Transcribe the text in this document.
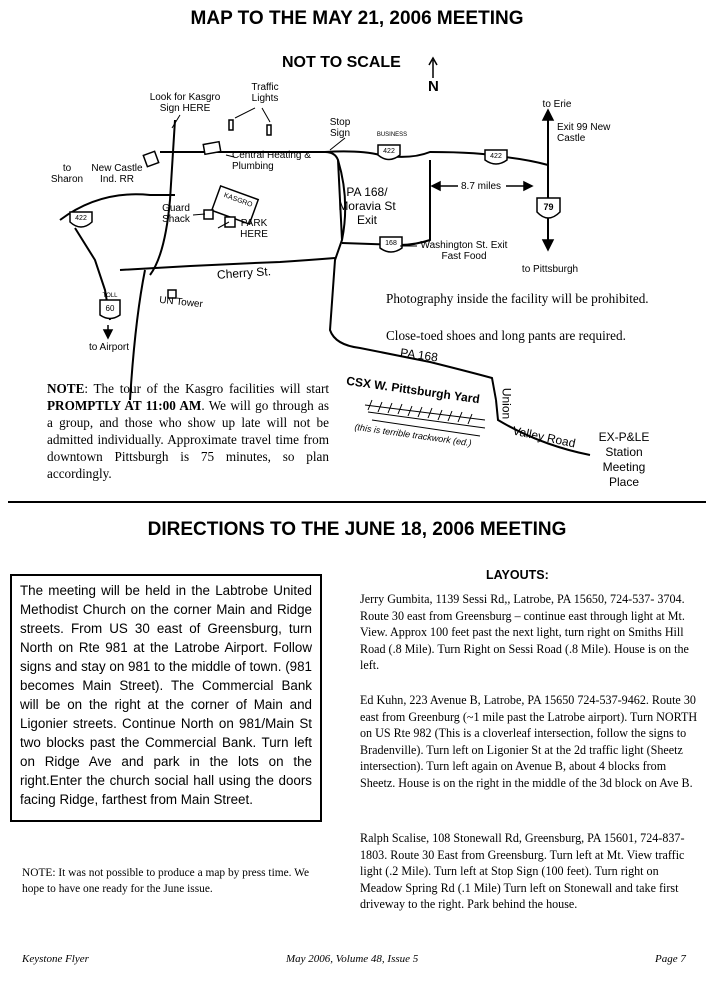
MAP TO THE MAY 21, 2006 MEETING
NOT TO SCALE
N
Look for Kasgro Sign HERE
Traffic Lights
Stop Sign
Central Heating & Plumbing
to Sharon
New Castle Ind. RR
KASGRO
Guard Shack	PARK HERE
Cherry St.
UN Tower
to Airport
PA 168/ Moravia St Exit
Washington St. Exit Fast Food
BUSINESS
422
422
79
168
422
60
TOLL
8.7 miles
to Erie
Exit 99 New Castle
to Pittsburgh
PA 168
CSX W. Pittsburgh Yard
(this is terrible trackwork (ed.)
Union
Valley Road	EX-P&LE Station Meeting Place
Photography inside the facility will be prohibited.
Close-toed shoes and long pants are required.
NOTE: The tour of the Kasgro facilities will start PROMPTLY AT 11:00 AM. We will go through as a group, and those who show up late will not be admitted individually. Approximate travel time from downtown Pittsburgh is 75 minutes, so plan accordingly.
DIRECTIONS TO THE JUNE 18, 2006 MEETING
The meeting will be held in the Labtrobe United Methodist Church on the corner Main and Ridge streets. From US 30 east of Greensburg, turn North on Rte 981 at the Latrobe Airport. Follow signs and stay on 981 to the middle of town. (981 becomes Main Street). The Commercial Bank will be on the right at the corner of Main and Ligonier streets. Continue North on 981/Main St two blocks past the Commercial Bank. Turn left on Ridge Ave and park in the lots on the right.Enter the church social hall using the doors facing Ridge, farthest from Main Street.
NOTE: It was not possible to produce a map by press time. We hope to have one ready for the June issue.
LAYOUTS:
Jerry Gumbita, 1139 Sessi Rd,, Latrobe, PA 15650, 724-537- 3704. Route 30 east from Greensburg – continue east through light at Mt. View. Approx 100 feet past the next light, turn right on Smiths Hill Road (.8 Mile). Turn Right on Sessi Road (.8 Mile). House is on the left.
Ed Kuhn, 223 Avenue B, Latrobe, PA 15650 724-537-9462. Route 30 east from Greenburg (~1 mile past the Latrobe airport). Turn NORTH on US Rte 982 (This is a cloverleaf intersection, follow the signs to Bradenville). Turn left on Ligonier St at the 2d traffic light (Sheetz intersection). Turn left again on Avenue B, about 4 blocks from Sheetz. House is on the right in the middle of the 3d block on Ave B.
Ralph Scalise, 108 Stonewall Rd, Greensburg, PA 15601, 724-837-1803. Route 30 East from Greensburg. Turn left at Mt. View traffic light (.2 Mile). Turn left at Stop Sign (100 feet). Turn right on Meadow Spring Rd (.1 Mile) Turn left on Stonewall and take first driveway to the right. Park behind the house.
Keystone Flyer	May 2006, Volume 48, Issue 5	Page 7
